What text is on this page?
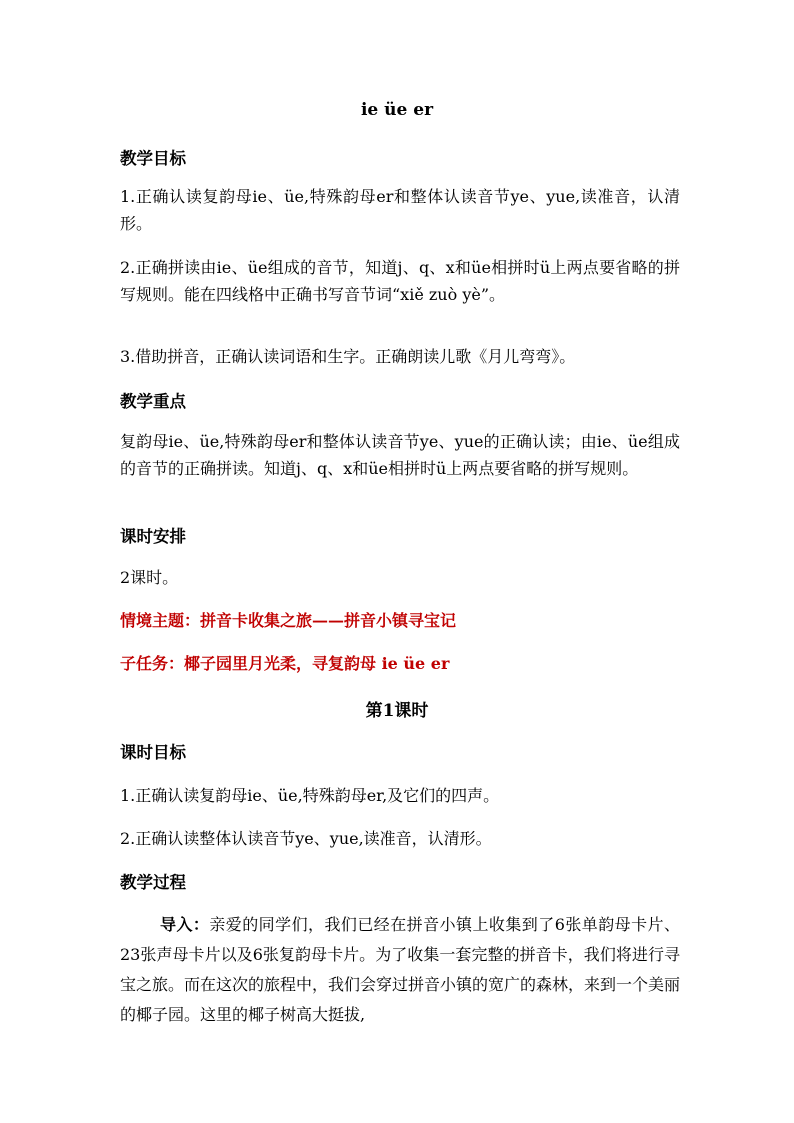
ie üe er
教学目标
1.正确认读复韵母ie、üe,特殊韵母er和整体认读音节ye、yue,读准音，认清形。
2.正确拼读由ie、üe组成的音节，知道j、q、x和üe相拼时ü上两点要省略的拼写规则。能在四线格中正确书写音节词“xiě zuò yè”。
3.借助拼音，正确认读词语和生字。正确朗读儿歌《月儿弯弯》。
教学重点
复韵母ie、üe,特殊韵母er和整体认读音节ye、yue的正确认读；由ie、üe组成的音节的正确拼读。知道j、q、x和üe相拼时ü上两点要省略的拼写规则。
课时安排
2课时。
情境主题：拼音卡收集之旅——拼音小镇寻宝记
子任务：椰子园里月光柔，寻复韵母 ie üe er
第1课时
课时目标
1.正确认读复韵母ie、üe,特殊韵母er,及它们的四声。
2.正确认读整体认读音节ye、yue,读准音，认清形。
教学过程
导入：亲爱的同学们，我们已经在拼音小镇上收集到了6张单韵母卡片、23张声母卡片以及6张复韵母卡片。为了收集一套完整的拼音卡，我们将进行寻宝之旅。而在这次的旅程中，我们会穿过拼音小镇的宽广的森林，来到一个美丽的椰子园。这里的椰子树高大挺拔,
